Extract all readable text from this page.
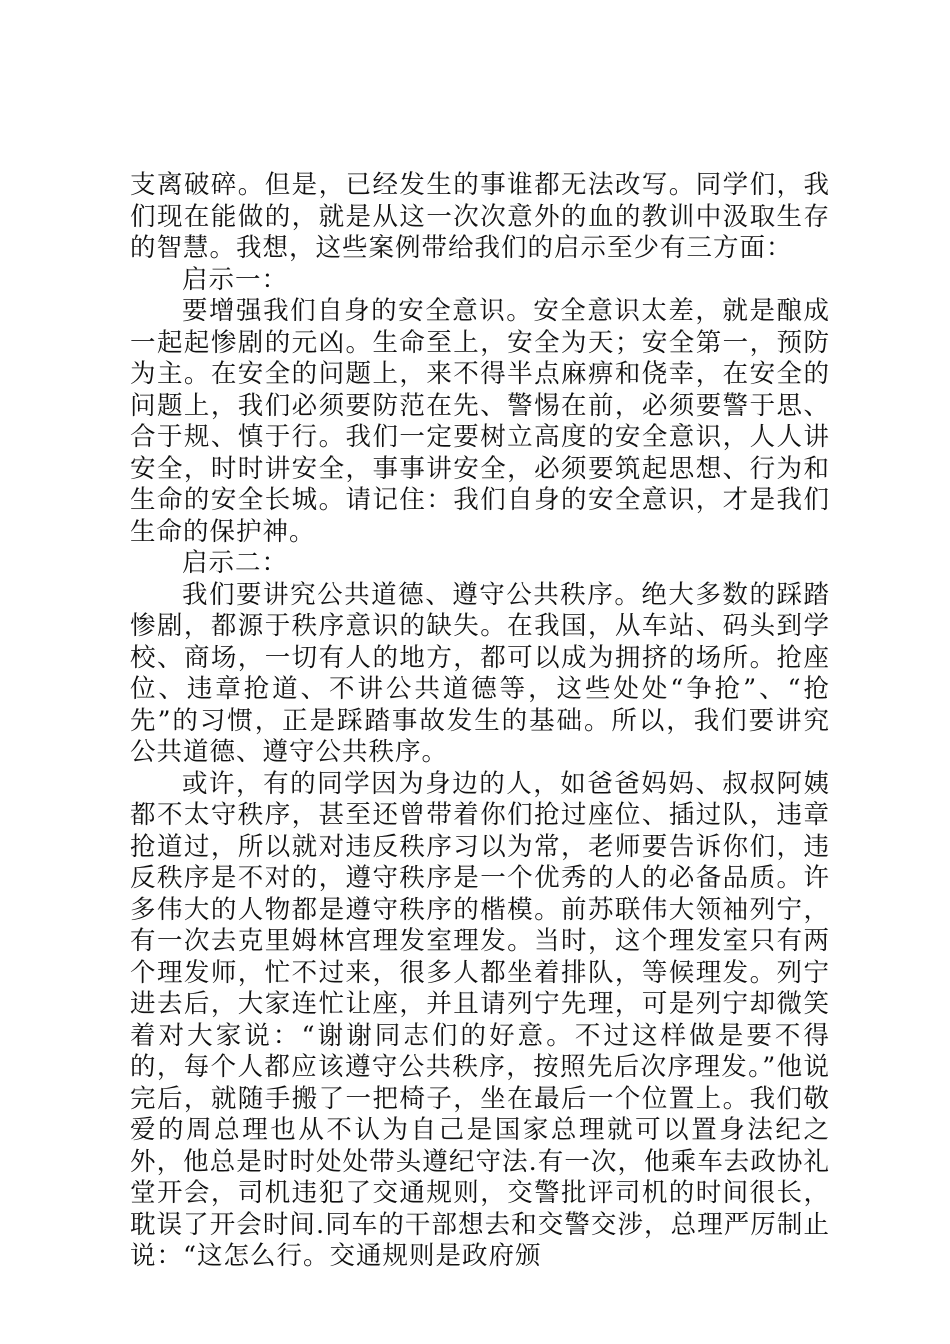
支离破碎。但是，已经发生的事谁都无法改写。同学们，我们现在能做的，就是从这一次次意外的血的教训中汲取生存的智慧。我想，这些案例带给我们的启示至少有三方面：

启示一：

要增强我们自身的安全意识。安全意识太差，就是酿成一起起惨剧的元凶。生命至上，安全为天；安全第一，预防为主。在安全的问题上，来不得半点麻痹和侥幸，在安全的问题上，我们必须要防范在先、警惕在前，必须要警于思、合于规、慎于行。我们一定要树立高度的安全意识，人人讲安全，时时讲安全，事事讲安全，必须要筑起思想、行为和生命的安全长城。请记住：我们自身的安全意识，才是我们生命的保护神。

启示二：

我们要讲究公共道德、遵守公共秩序。绝大多数的踩踏惨剧，都源于秩序意识的缺失。在我国，从车站、码头到学校、商场，一切有人的地方，都可以成为拥挤的场所。抢座位、违章抢道、不讲公共道德等，这些处处“争抢”、“抢先”的习惯，正是踩踏事故发生的基础。所以，我们要讲究公共道德、遵守公共秩序。

或许，有的同学因为身边的人，如爸爸妈妈、叔叔阿姨都不太守秩序，甚至还曾带着你们抢过座位、插过队，违章抢道过，所以就对违反秩序习以为常，老师要告诉你们，违反秩序是不对的，遵守秩序是一个优秀的人的必备品质。许多伟大的人物都是遵守秩序的楷模。前苏联伟大领袖列宁，有一次去克里姆林宫理发室理发。当时，这个理发室只有两个理发师，忙不过来，很多人都坐着排队，等候理发。列宁进去后，大家连忙让座，并且请列宁先理，可是列宁却微笑着对大家说：“谢谢同志们的好意。不过这样做是要不得的，每个人都应该遵守公共秩序，按照先后次序理发。”他说完后，就随手搬了一把椅子，坐在最后一个位置上。我们敬爱的周总理也从不认为自己是国家总理就可以置身法纪之外，他总是时时处处带头遵纪守法.有一次，他乘车去政协礼堂开会，司机违犯了交通规则，交警批评司机的时间很长，耽误了开会时间.同车的干部想去和交警交涉，总理严厉制止说：“这怎么行。交通规则是政府颁
